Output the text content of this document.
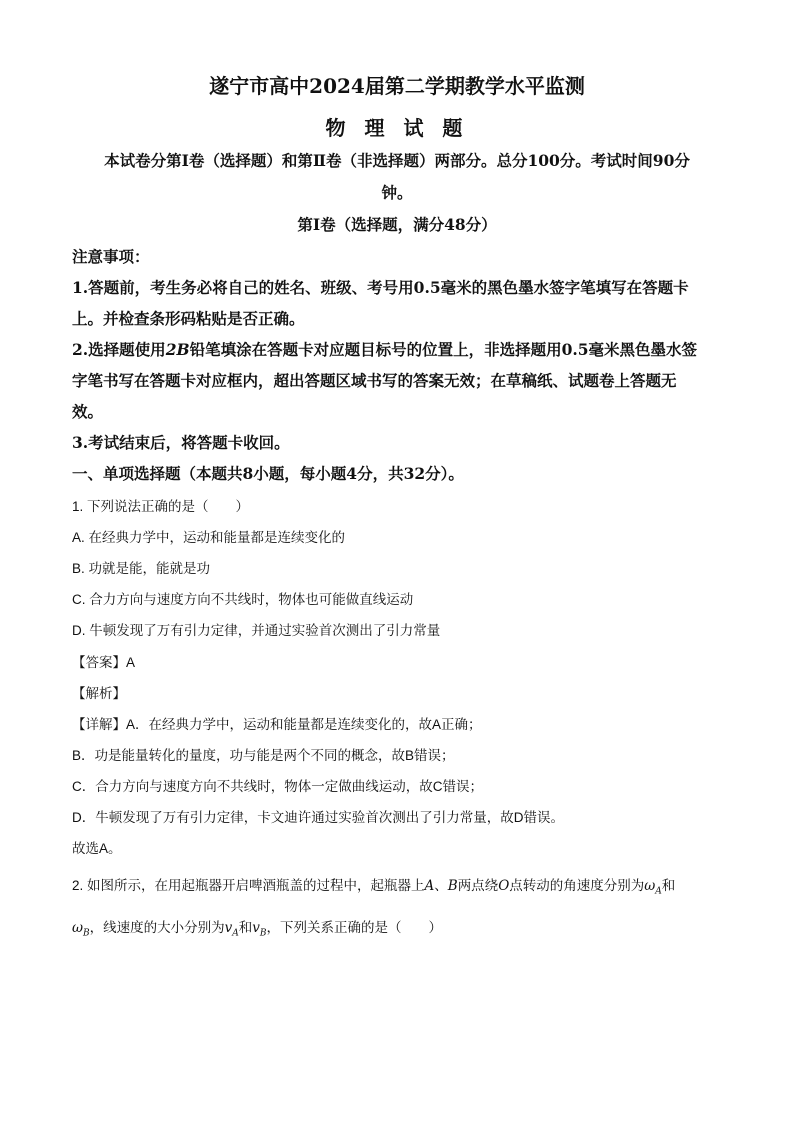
遂宁市高中2024届第二学期教学水平监测
物 理 试 题
本试卷分第Ⅰ卷（选择题）和第Ⅱ卷（非选择题）两部分。总分100分。考试时间90分
钟。
第Ⅰ卷（选择题，满分48分）
注意事项：
1.答题前，考生务必将自己的姓名、班级、考号用0.5毫米的黑色墨水签字笔填写在答题卡
上。并检查条形码粘贴是否正确。
2.选择题使用2B铅笔填涂在答题卡对应题目标号的位置上，非选择题用0.5毫米黑色墨水签
字笔书写在答题卡对应框内，超出答题区域书写的答案无效；在草稿纸、试题卷上答题无
效。
3.考试结束后，将答题卡收回。
一、单项选择题（本题共8小题，每小题4分，共32分）。
1. 下列说法正确的是（　　）
A. 在经典力学中，运动和能量都是连续变化的
B. 功就是能，能就是功
C. 合力方向与速度方向不共线时，物体也可能做直线运动
D. 牛顿发现了万有引力定律，并通过实验首次测出了引力常量
【答案】A
【解析】
【详解】A．在经典力学中，运动和能量都是连续变化的，故A正确；
B．功是能量转化的量度，功与能是两个不同的概念，故B错误；
C．合力方向与速度方向不共线时，物体一定做曲线运动，故C错误；
D．牛顿发现了万有引力定律，卡文迪许通过实验首次测出了引力常量，故D错误。
故选A。
2. 如图所示，在用起瓶器开启啤酒瓶盖的过程中，起瓶器上A、B两点绕O点转动的角速度分别为$\omega_A$和
$\omega_B$，线速度的大小分别为$v_A$和$v_B$，下列关系正确的是（　　）
